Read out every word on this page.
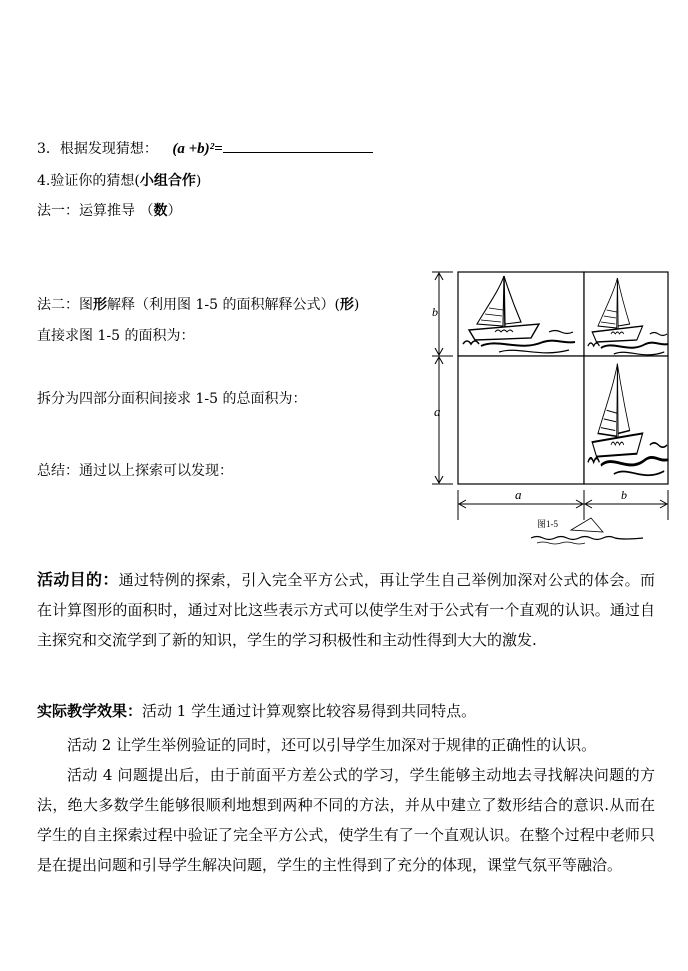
3．根据发现猜想： (a +b)²=
4.验证你的猜想(小组合作)
法一：运算推导 （数）
法二：图形解释（利用图 1-5 的面积解释公式）(形)
直接求图 1-5 的面积为：
拆分为四部分面积间接求 1-5 的总面积为：
总结：通过以上探索可以发现：
b
a
a	b
图1-5
活动目的：通过特例的探索，引入完全平方公式，再让学生自己举例加深对公式的体会。而在计算图形的面积时，通过对比这些表示方式可以使学生对于公式有一个直观的认识。通过自主探究和交流学到了新的知识，学生的学习积极性和主动性得到大大的激发.
实际教学效果：活动 1 学生通过计算观察比较容易得到共同特点。
活动 2 让学生举例验证的同时，还可以引导学生加深对于规律的正确性的认识。
活动 4 问题提出后，由于前面平方差公式的学习，学生能够主动地去寻找解决问题的方法，绝大多数学生能够很顺利地想到两种不同的方法，并从中建立了数形结合的意识.从而在学生的自主探索过程中验证了完全平方公式，使学生有了一个直观认识。在整个过程中老师只是在提出问题和引导学生解决问题，学生的主性得到了充分的体现，课堂气氛平等融洽。
